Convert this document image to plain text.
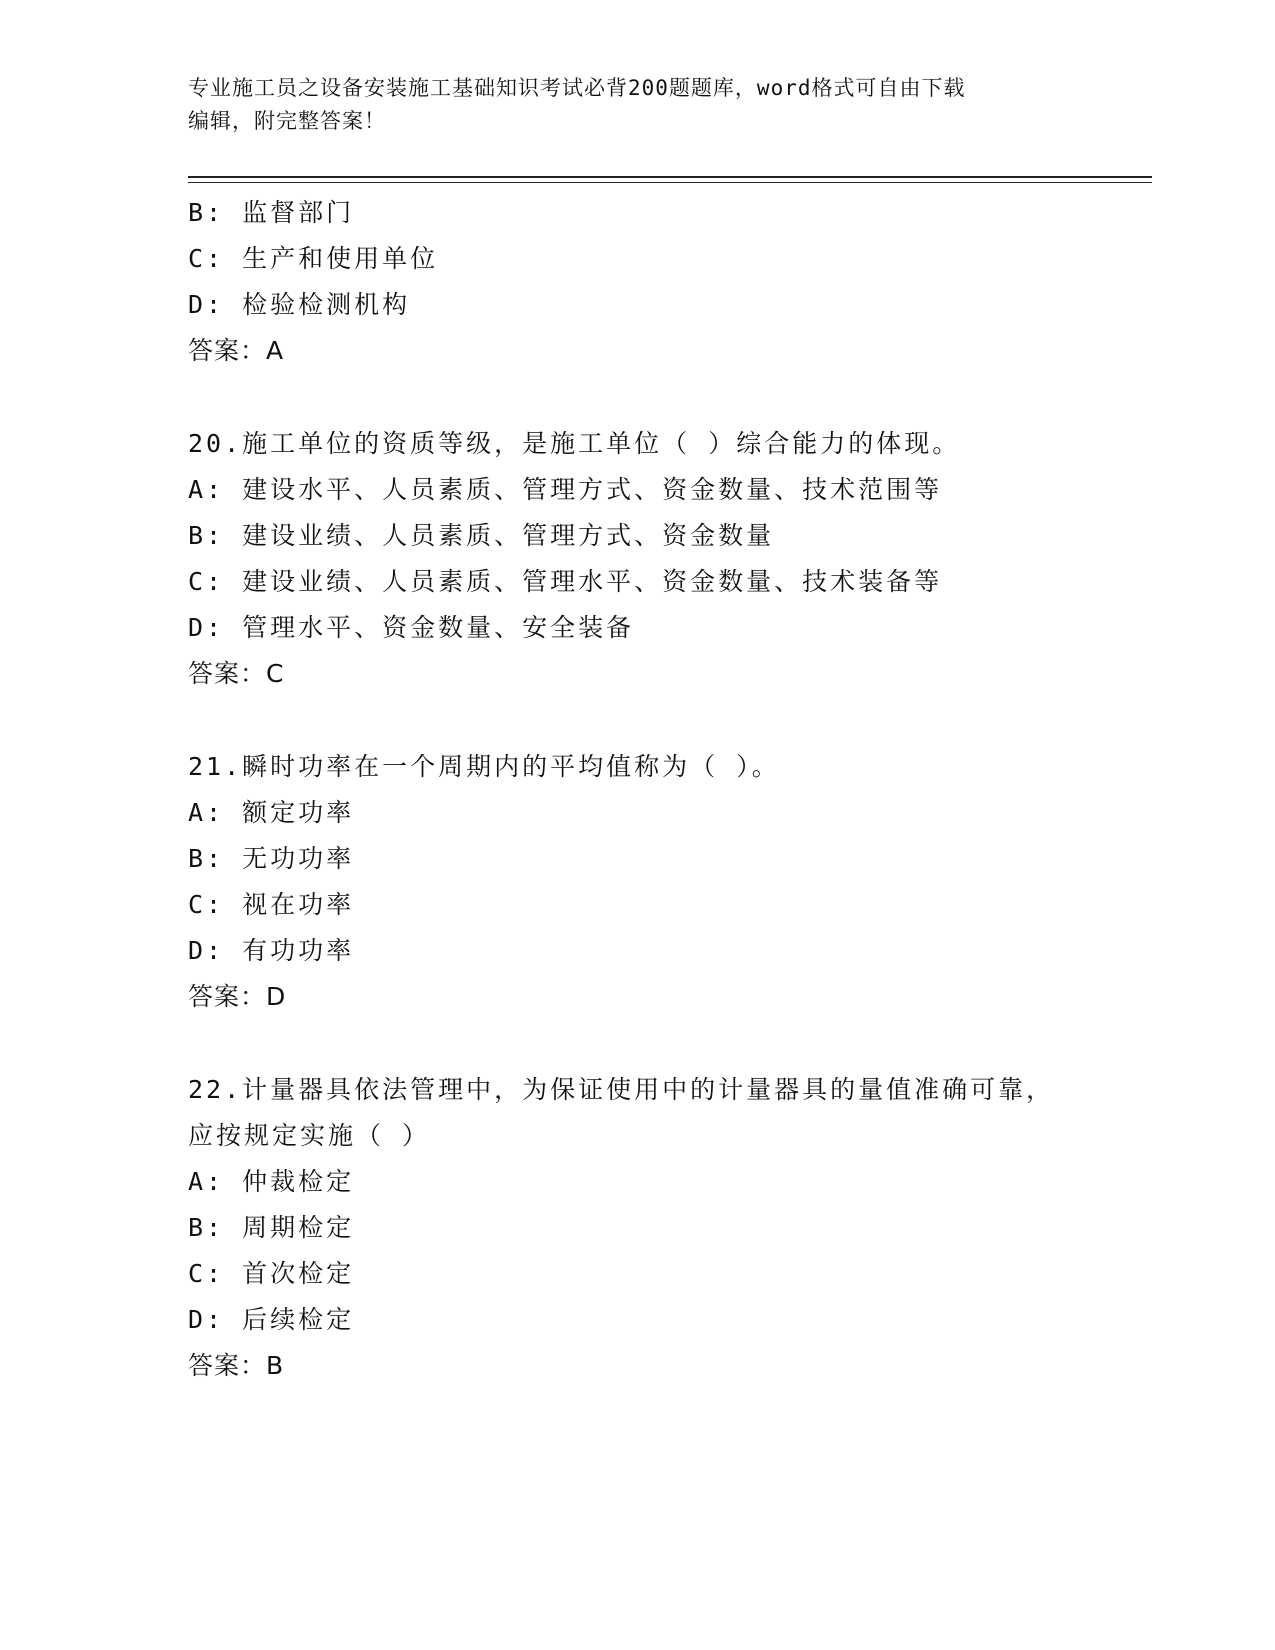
专业施工员之设备安装施工基础知识考试必背200题题库，word格式可自由下载
编辑，附完整答案！
B: 监督部门
C: 生产和使用单位
D: 检验检测机构
答案：A
20.施工单位的资质等级，是施工单位（ ）综合能力的体现。
A: 建设水平、人员素质、管理方式、资金数量、技术范围等
B: 建设业绩、人员素质、管理方式、资金数量
C: 建设业绩、人员素质、管理水平、资金数量、技术装备等
D: 管理水平、资金数量、安全装备
答案：C
21.瞬时功率在一个周期内的平均值称为（ ）。
A: 额定功率
B: 无功功率
C: 视在功率
D: 有功功率
答案：D
22.计量器具依法管理中，为保证使用中的计量器具的量值准确可靠，
应按规定实施（ ）
A: 仲裁检定
B: 周期检定
C: 首次检定
D: 后续检定
答案：B
